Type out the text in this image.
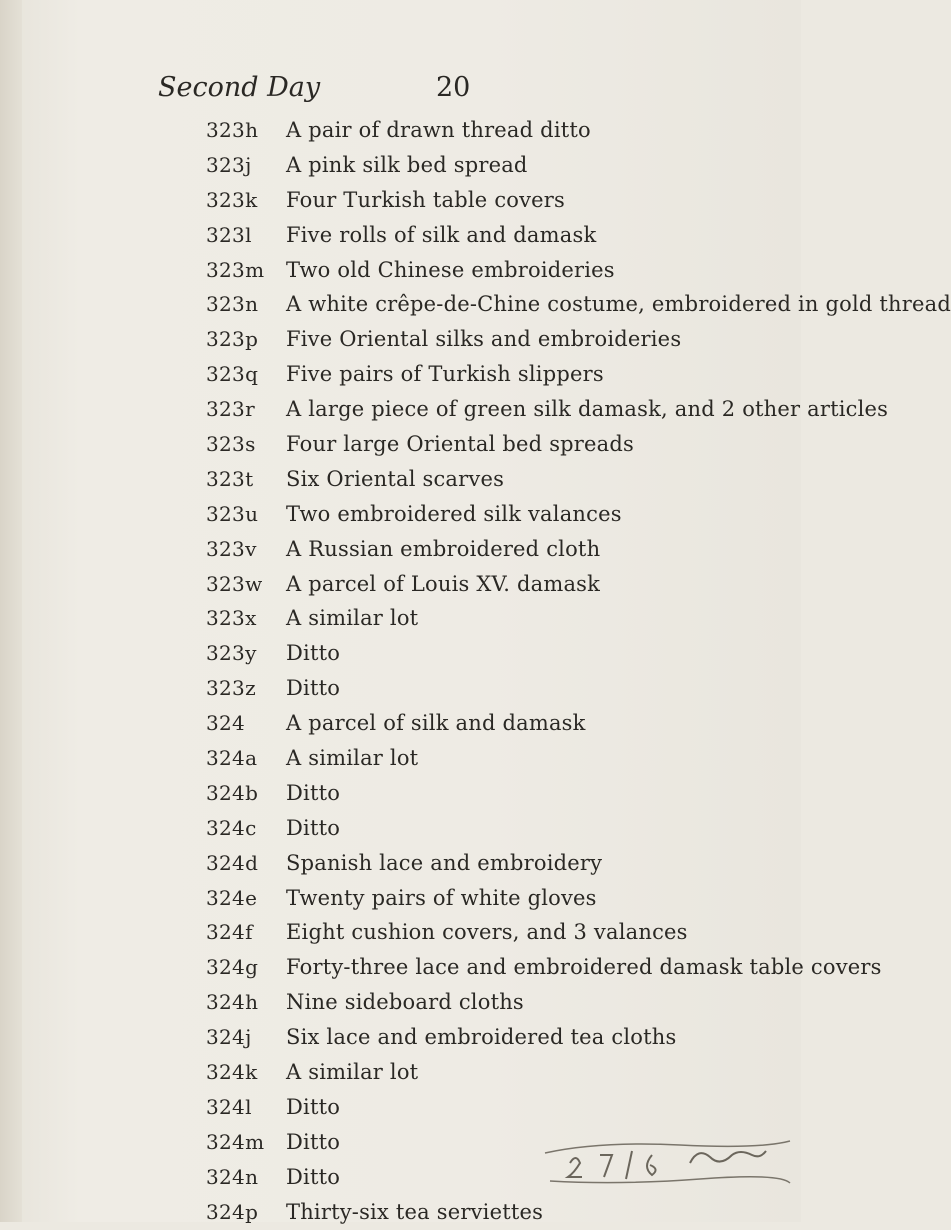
Second Day	20
323h A pair of drawn thread ditto
323j A pink silk bed spread
323k Four Turkish table covers
323l Five rolls of silk and damask
323m Two old Chinese embroideries
323n A white crêpe-de-Chine costume, embroidered in gold thread
323p Five Oriental silks and embroideries
323q Five pairs of Turkish slippers
323r A large piece of green silk damask, and 2 other articles
323s Four large Oriental bed spreads
323t Six Oriental scarves
323u Two embroidered silk valances
323v A Russian embroidered cloth
323w A parcel of Louis XV. damask
323x A similar lot
323y Ditto
323z Ditto
324 A parcel of silk and damask
324a A similar lot
324b Ditto
324c Ditto
324d Spanish lace and embroidery
324e Twenty pairs of white gloves
324f Eight cushion covers, and 3 valances
324g Forty-three lace and embroidered damask table covers
324h Nine sideboard cloths
324j Six lace and embroidered tea cloths
324k A similar lot
324l Ditto
324m Ditto
324n Ditto
324p Thirty-six tea serviettes
